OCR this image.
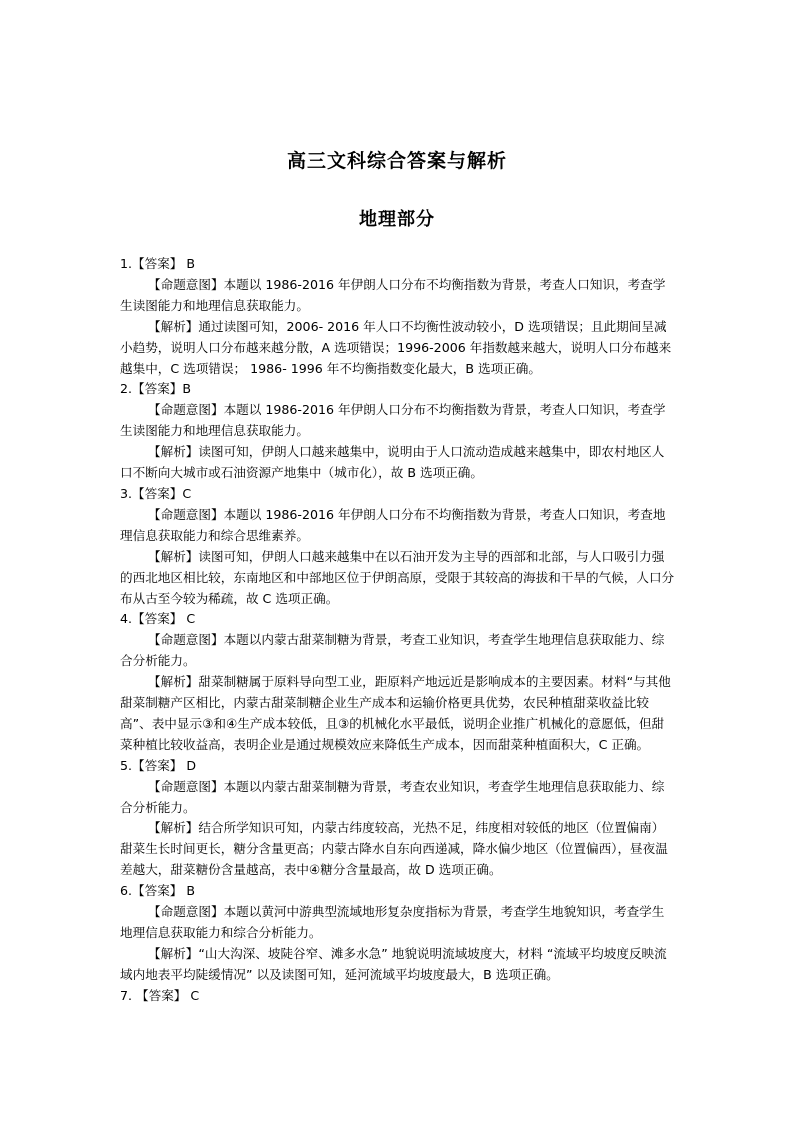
高三文科综合答案与解析
地理部分

1.【答案】 B

【命题意图】本题以 1986-2016 年伊朗人口分布不均衡指数为背景，考查人口知识，考查学生读图能力和地理信息获取能力。

【解析】通过读图可知，2006- 2016 年人口不均衡性波动较小，D 选项错误；且此期间呈减小趋势，说明人口分布越来越分散，A 选项错误；1996-2006 年指数越来越大，说明人口分布越来越集中，C 选项错误； 1986- 1996 年不均衡指数变化最大，B 选项正确。

2.【答案】B

【命题意图】本题以 1986-2016 年伊朗人口分布不均衡指数为背景，考查人口知识，考查学生读图能力和地理信息获取能力。

【解析】读图可知，伊朗人口越来越集中，说明由于人口流动造成越来越集中，即农村地区人口不断向大城市或石油资源产地集中（城市化），故 B 选项正确。

3.【答案】C

【命题意图】本题以 1986-2016 年伊朗人口分布不均衡指数为背景，考查人口知识，考查地理信息获取能力和综合思维素养。

【解析】读图可知，伊朗人口越来越集中在以石油开发为主导的西部和北部，与人口吸引力强的西北地区相比较，东南地区和中部地区位于伊朗高原，受限于其较高的海拔和干旱的气候，人口分布从古至今较为稀疏，故 C 选项正确。

4.【答案】 C

【命题意图】本题以内蒙古甜菜制糖为背景，考查工业知识，考查学生地理信息获取能力、综合分析能力。

【解析】甜菜制糖属于原料导向型工业，距原料产地远近是影响成本的主要因素。材料“与其他甜菜制糖产区相比，内蒙古甜菜制糖企业生产成本和运输价格更具优势，农民种植甜菜收益比较高”、表中显示③和④生产成本较低，且③的机械化水平最低，说明企业推广机械化的意愿低，但甜菜种植比较收益高，表明企业是通过规模效应来降低生产成本，因而甜菜种植面积大，C 正确。

5.【答案】 D

【命题意图】本题以内蒙古甜菜制糖为背景，考查农业知识，考查学生地理信息获取能力、综合分析能力。

【解析】结合所学知识可知，内蒙古纬度较高，光热不足，纬度相对较低的地区（位置偏南）甜菜生长时间更长，糖分含量更高；内蒙古降水自东向西递减，降水偏少地区（位置偏西），昼夜温差越大，甜菜糖份含量越高，表中④糖分含量最高，故 D 选项正确。

6.【答案】 B

【命题意图】本题以黄河中游典型流域地形复杂度指标为背景，考查学生地貌知识，考查学生地理信息获取能力和综合分析能力。

【解析】“山大沟深、坡陡谷窄、滩多水急” 地貌说明流域坡度大，材料 “流域平均坡度反映流域内地表平均陡缓情况” 以及读图可知，延河流域平均坡度最大，B 选项正确。

7. 【答案】 C
